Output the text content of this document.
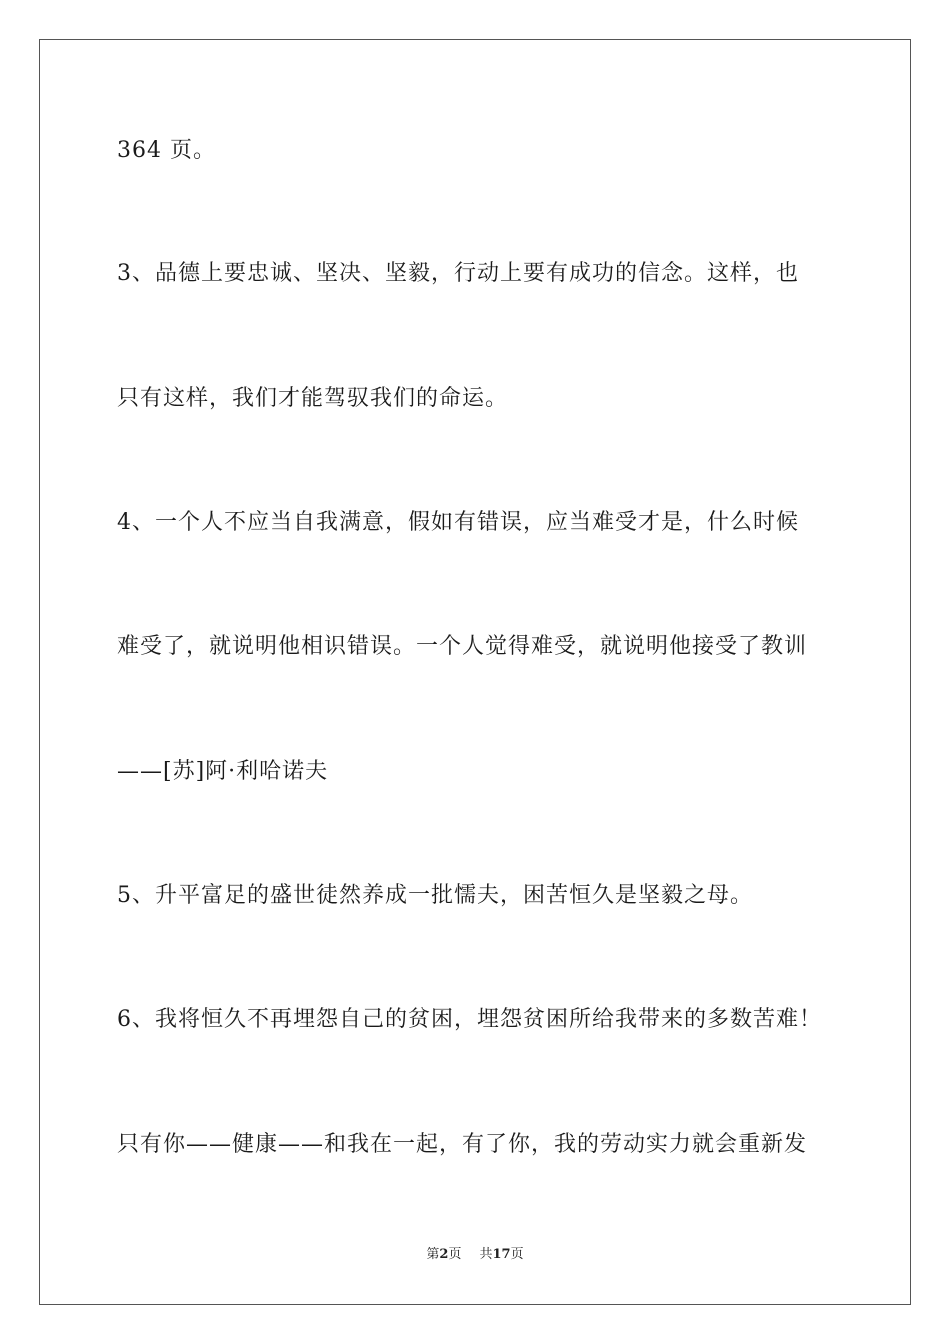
364 页。
3、品德上要忠诚、坚决、坚毅，行动上要有成功的信念。这样，也
只有这样，我们才能驾驭我们的命运。
4、一个人不应当自我满意，假如有错误，应当难受才是，什么时候
难受了，就说明他相识错误。一个人觉得难受，就说明他接受了教训
——[苏]阿·利哈诺夫
5、升平富足的盛世徒然养成一批懦夫，困苦恒久是坚毅之母。
6、我将恒久不再埋怨自己的贫困，埋怨贫困所给我带来的多数苦难！
只有你——健康——和我在一起，有了你，我的劳动实力就会重新发
第2页 共17页
